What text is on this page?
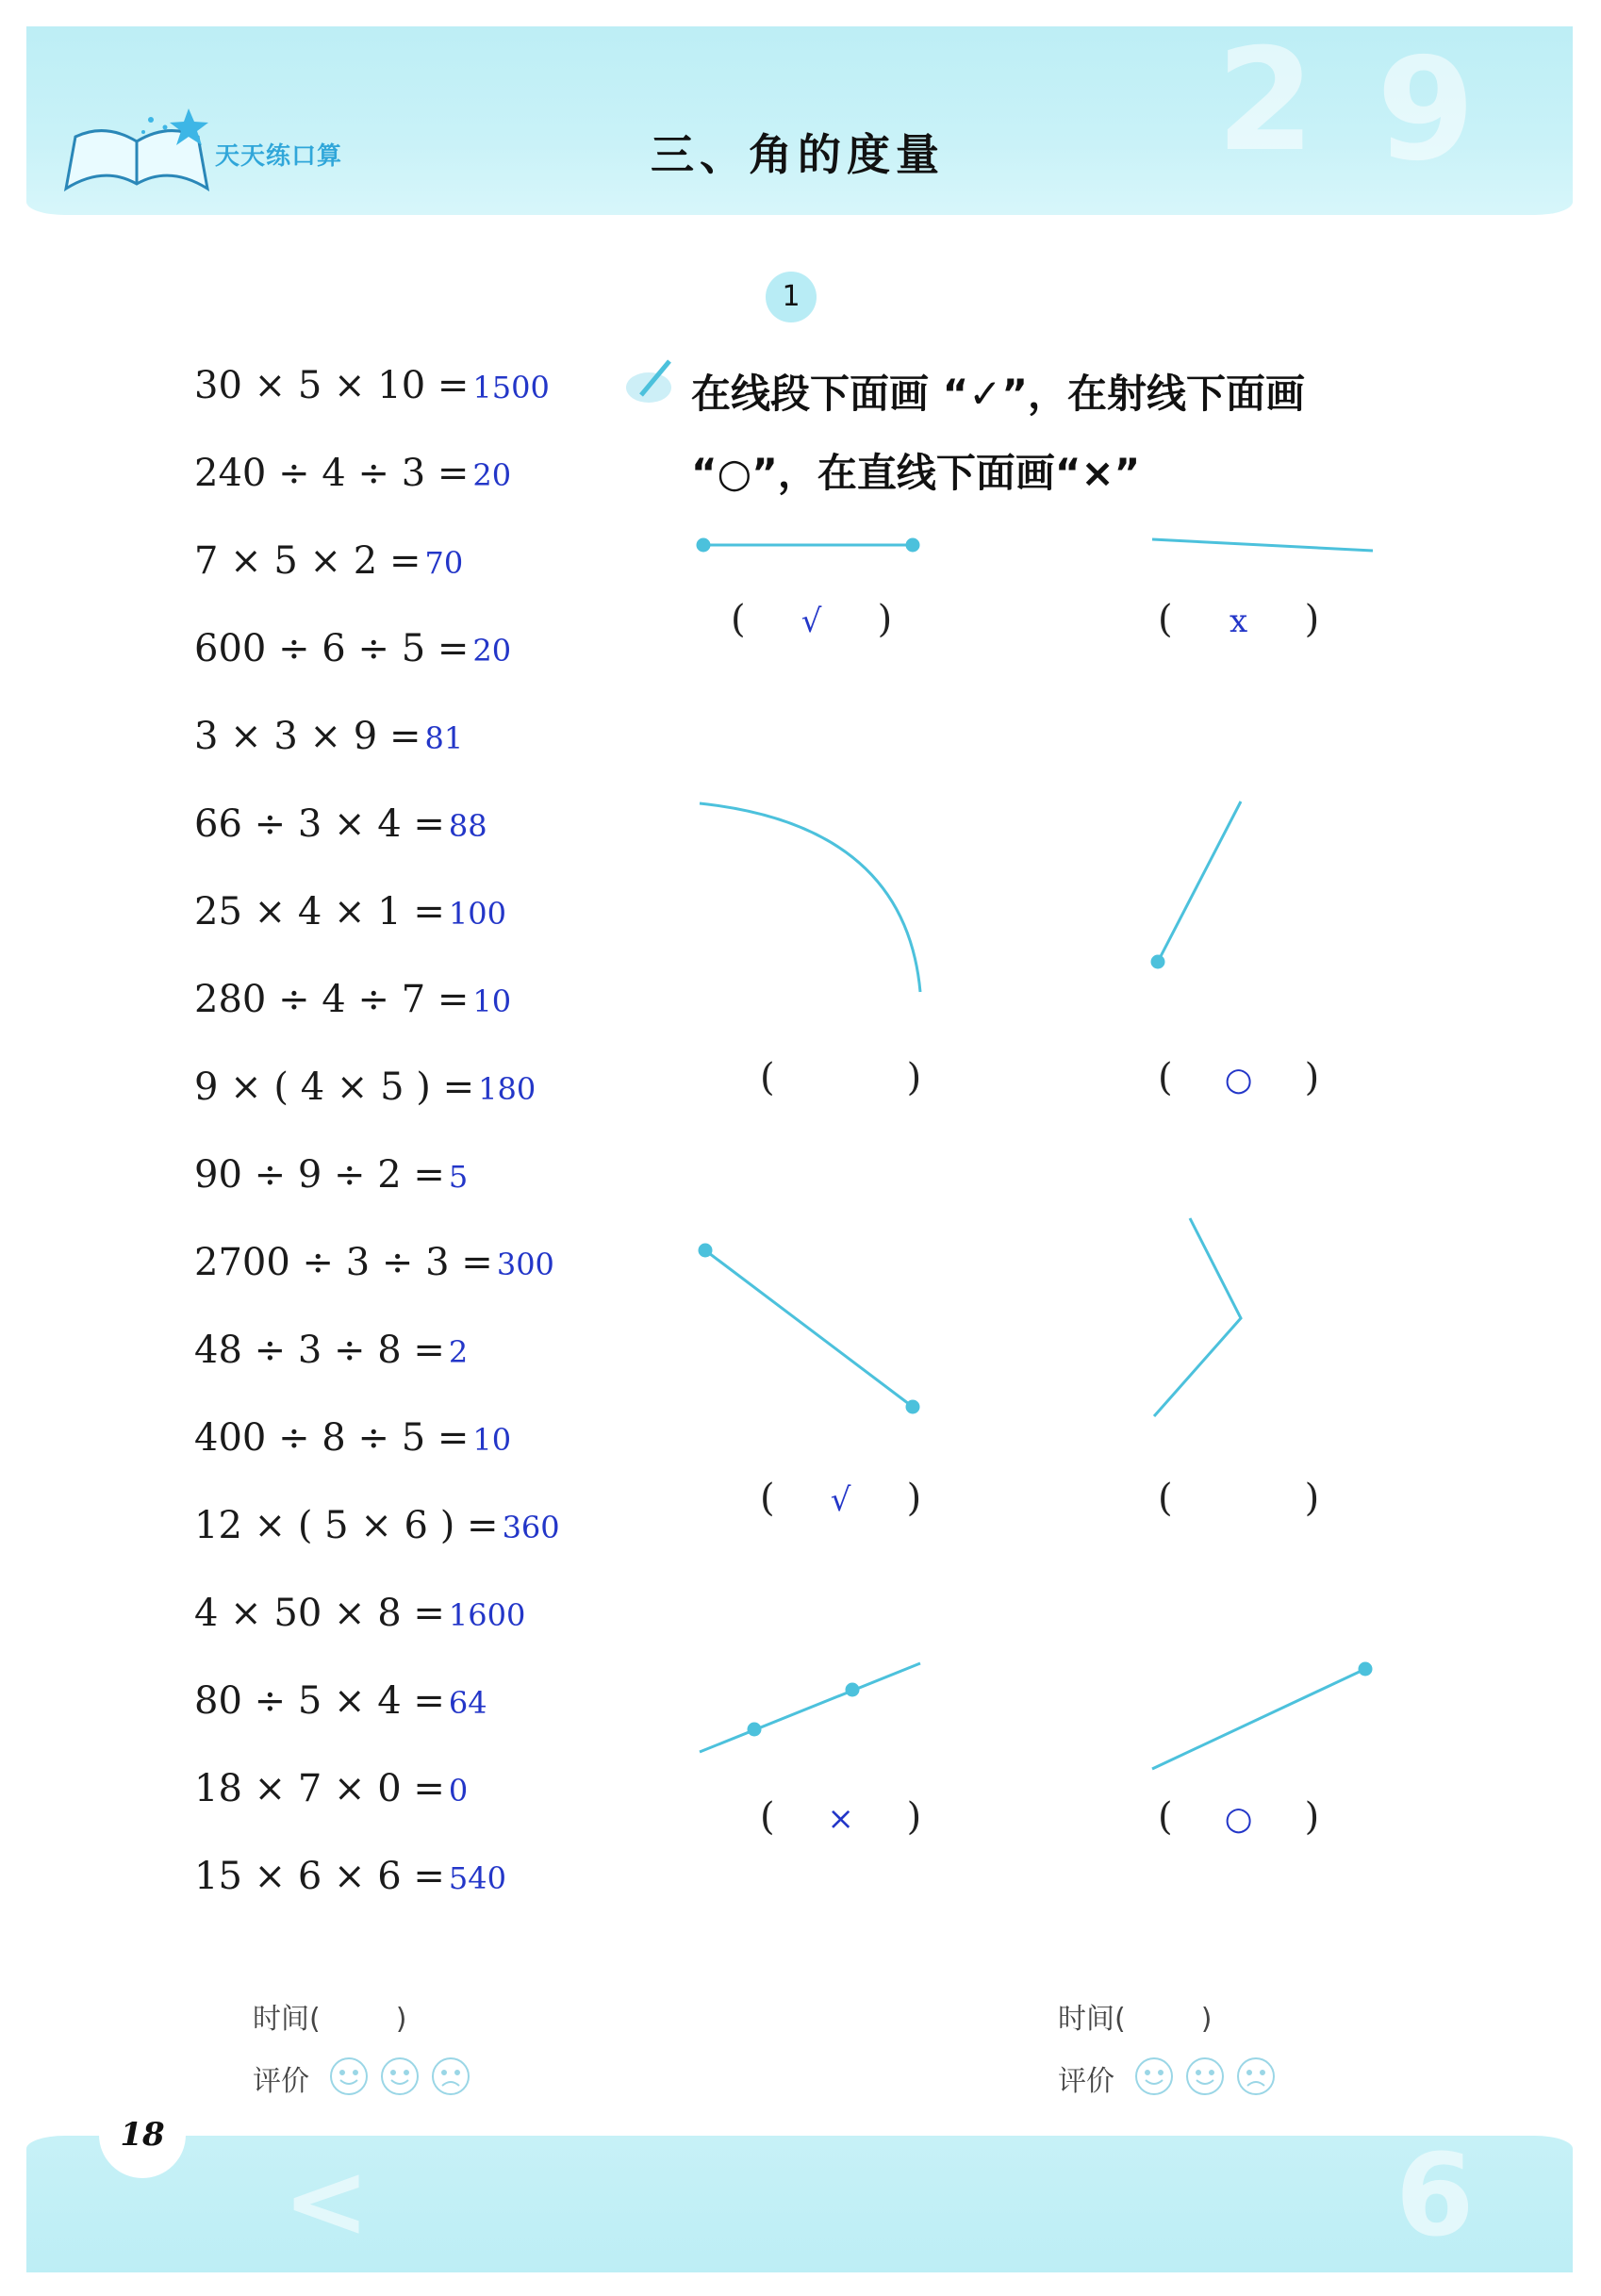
2 9
天天练口算	三、角的度量
1
30 × 5 × 10 = 1500
240 ÷ 4 ÷ 3 = 20
7 × 5 × 2 = 70
600 ÷ 6 ÷ 5 = 20
3 × 3 × 9 = 81
66 ÷ 3 × 4 = 88
25 × 4 × 1 = 100
280 ÷ 4 ÷ 7 = 10
9 × ( 4 × 5 ) = 180
90 ÷ 9 ÷ 2 = 5
2700 ÷ 3 ÷ 3 = 300
48 ÷ 3 ÷ 8 = 2
400 ÷ 8 ÷ 5 = 10
12 × ( 5 × 6 ) = 360
4 × 50 × 8 = 1600
80 ÷ 5 × 4 = 64
18 × 7 × 0 = 0
15 × 6 × 6 = 540
在线段下面画 “✓”，在射线下面画
“○”，在直线下面画“×”
( √ )	( x )
(	)	( ○ )
( √ )	(	)
( × )	( ○ )
时间(	)
评价
时间(	)
评价
<	6
18
